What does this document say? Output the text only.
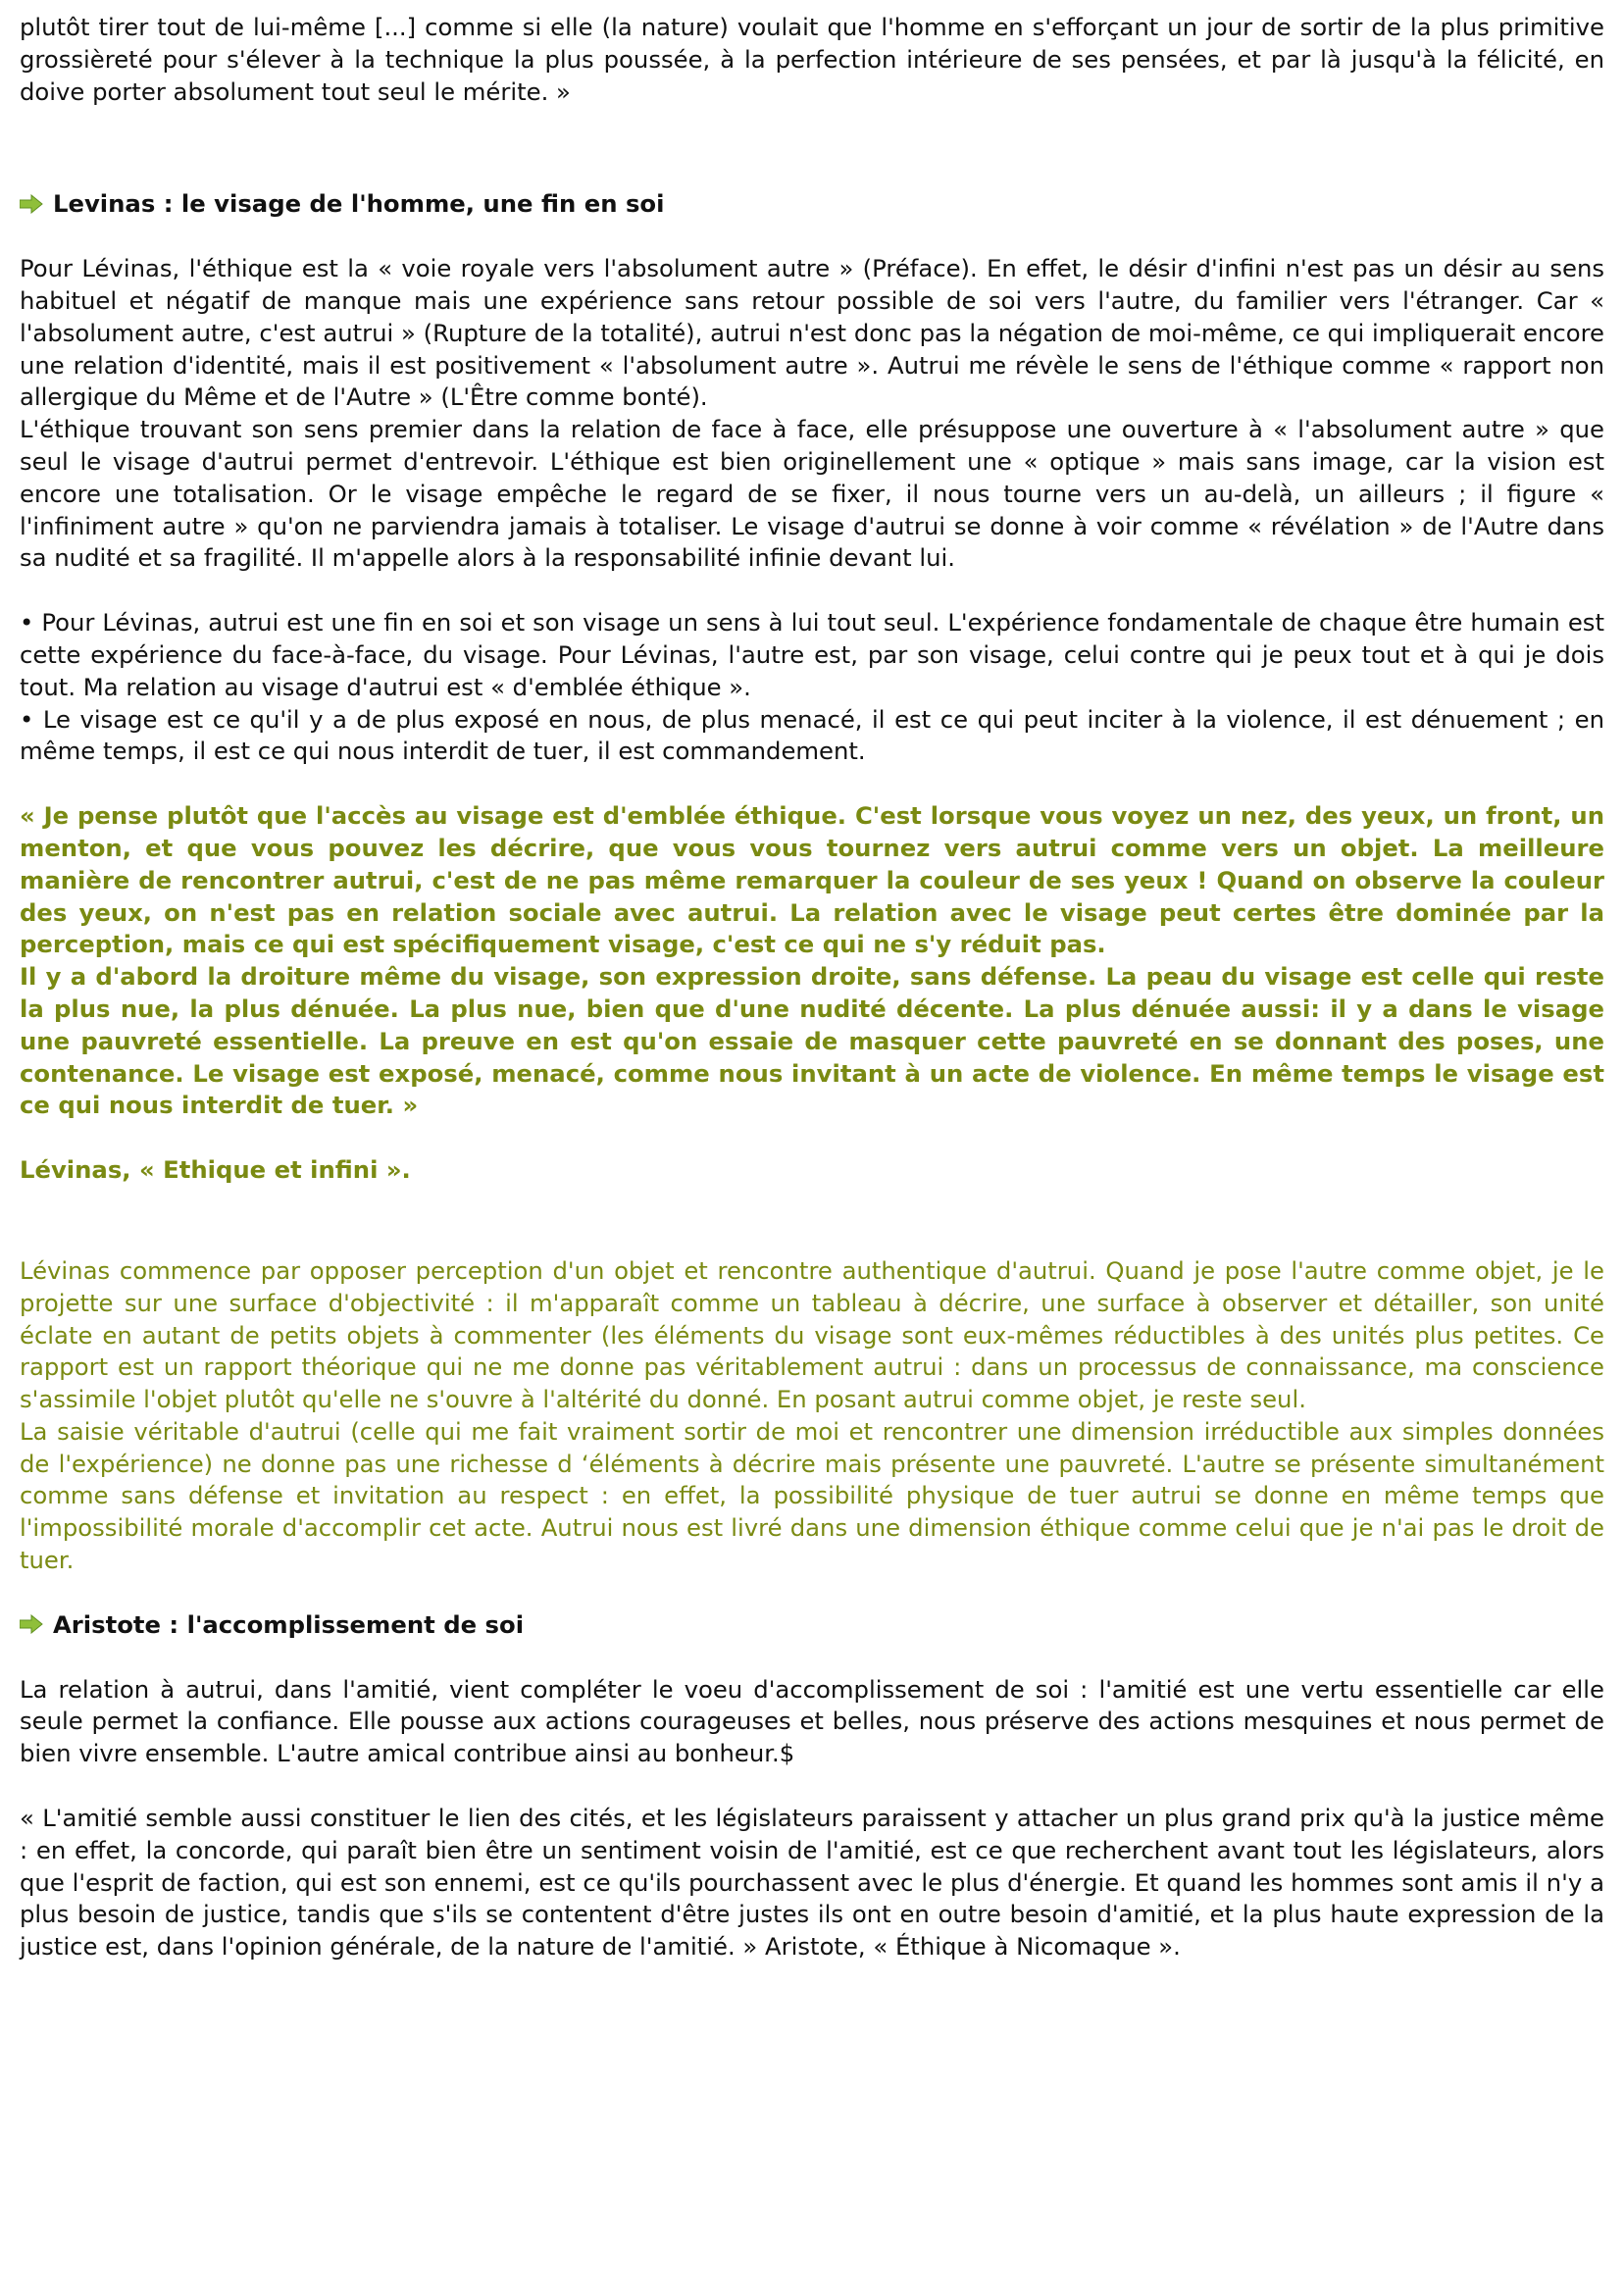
plutôt tirer tout de lui-même [...] comme si elle (la nature) voulait que l'homme en s'efforçant un jour de sortir de la plus primitive grossièreté pour s'élever à la technique la plus poussée, à la perfection intérieure de ses pensées, et par là jusqu'à la félicité, en doive porter absolument tout seul le mérite. »

Levinas : le visage de l'homme, une fin en soi

Pour Lévinas, l'éthique est la « voie royale vers l'absolument autre » (Préface). En effet, le désir d'infini n'est pas un désir au sens habituel et négatif de manque mais une expérience sans retour possible de soi vers l'autre, du familier vers l'étranger. Car « l'absolument autre, c'est autrui » (Rupture de la totalité), autrui n'est donc pas la négation de moi-même, ce qui impliquerait encore une relation d'identité, mais il est positivement « l'absolument autre ». Autrui me révèle le sens de l'éthique comme « rapport non allergique du Même et de l'Autre » (L'Être comme bonté).

L'éthique trouvant son sens premier dans la relation de face à face, elle présuppose une ouverture à « l'absolument autre » que seul le visage d'autrui permet d'entrevoir. L'éthique est bien originellement une « optique » mais sans image, car la vision est encore une totalisation. Or le visage empêche le regard de se fixer, il nous tourne vers un au-delà, un ailleurs ; il figure « l'infiniment autre » qu'on ne parviendra jamais à totaliser. Le visage d'autrui se donne à voir comme « révélation » de l'Autre dans sa nudité et sa fragilité. Il m'appelle alors à la responsabilité infinie devant lui.

• Pour Lévinas, autrui est une fin en soi et son visage un sens à lui tout seul. L'expérience fondamentale de chaque être humain est cette expérience du face-à-face, du visage. Pour Lévinas, l'autre est, par son visage, celui contre qui je peux tout et à qui je dois tout. Ma relation au visage d'autrui est « d'emblée éthique ».

• Le visage est ce qu'il y a de plus exposé en nous, de plus menacé, il est ce qui peut inciter à la violence, il est dénuement ; en même temps, il est ce qui nous interdit de tuer, il est commandement.

« Je pense plutôt que l'accès au visage est d'emblée éthique. C'est lorsque vous voyez un nez, des yeux, un front, un menton, et que vous pouvez les décrire, que vous vous tournez vers autrui comme vers un objet. La meilleure manière de rencontrer autrui, c'est de ne pas même remarquer la couleur de ses yeux ! Quand on observe la couleur des yeux, on n'est pas en relation sociale avec autrui. La relation avec le visage peut certes être dominée par la perception, mais ce qui est spécifiquement visage, c'est ce qui ne s'y réduit pas.

Il y a d'abord la droiture même du visage, son expression droite, sans défense. La peau du visage est celle qui reste la plus nue, la plus dénuée. La plus nue, bien que d'une nudité décente. La plus dénuée aussi: il y a dans le visage une pauvreté essentielle. La preuve en est qu'on essaie de masquer cette pauvreté en se donnant des poses, une contenance. Le visage est exposé, menacé, comme nous invitant à un acte de violence. En même temps le visage est ce qui nous interdit de tuer. »

Lévinas, « Ethique et infini ».

Lévinas commence par opposer perception d'un objet et rencontre authentique d'autrui. Quand je pose l'autre comme objet, je le projette sur une surface d'objectivité : il m'apparaît comme un tableau à décrire, une surface à observer et détailler, son unité éclate en autant de petits objets à commenter (les éléments du visage sont eux-mêmes réductibles à des unités plus petites. Ce rapport est un rapport théorique qui ne me donne pas véritablement autrui : dans un processus de connaissance, ma conscience s'assimile l'objet plutôt qu'elle ne s'ouvre à l'altérité du donné. En posant autrui comme objet, je reste seul.

La saisie véritable d'autrui (celle qui me fait vraiment sortir de moi et rencontrer une dimension irréductible aux simples données de l'expérience) ne donne pas une richesse d ‘éléments à décrire mais présente une pauvreté. L'autre se présente simultanément comme sans défense et invitation au respect : en effet, la possibilité physique de tuer autrui se donne en même temps que l'impossibilité morale d'accomplir cet acte. Autrui nous est livré dans une dimension éthique comme celui que je n'ai pas le droit de tuer.

Aristote : l'accomplissement de soi

La relation à autrui, dans l'amitié, vient compléter le voeu d'accomplissement de soi : l'amitié est une vertu essentielle car elle seule permet la confiance. Elle pousse aux actions courageuses et belles, nous préserve des actions mesquines et nous permet de bien vivre ensemble. L'autre amical contribue ainsi au bonheur.$

« L'amitié semble aussi constituer le lien des cités, et les législateurs paraissent y attacher un plus grand prix qu'à la justice même : en effet, la concorde, qui paraît bien être un sentiment voisin de l'amitié, est ce que recherchent avant tout les législateurs, alors que l'esprit de faction, qui est son ennemi, est ce qu'ils pourchassent avec le plus d'énergie. Et quand les hommes sont amis il n'y a plus besoin de justice, tandis que s'ils se contentent d'être justes ils ont en outre besoin d'amitié, et la plus haute expression de la justice est, dans l'opinion générale, de la nature de l'amitié. » Aristote, « Éthique à Nicomaque ».
